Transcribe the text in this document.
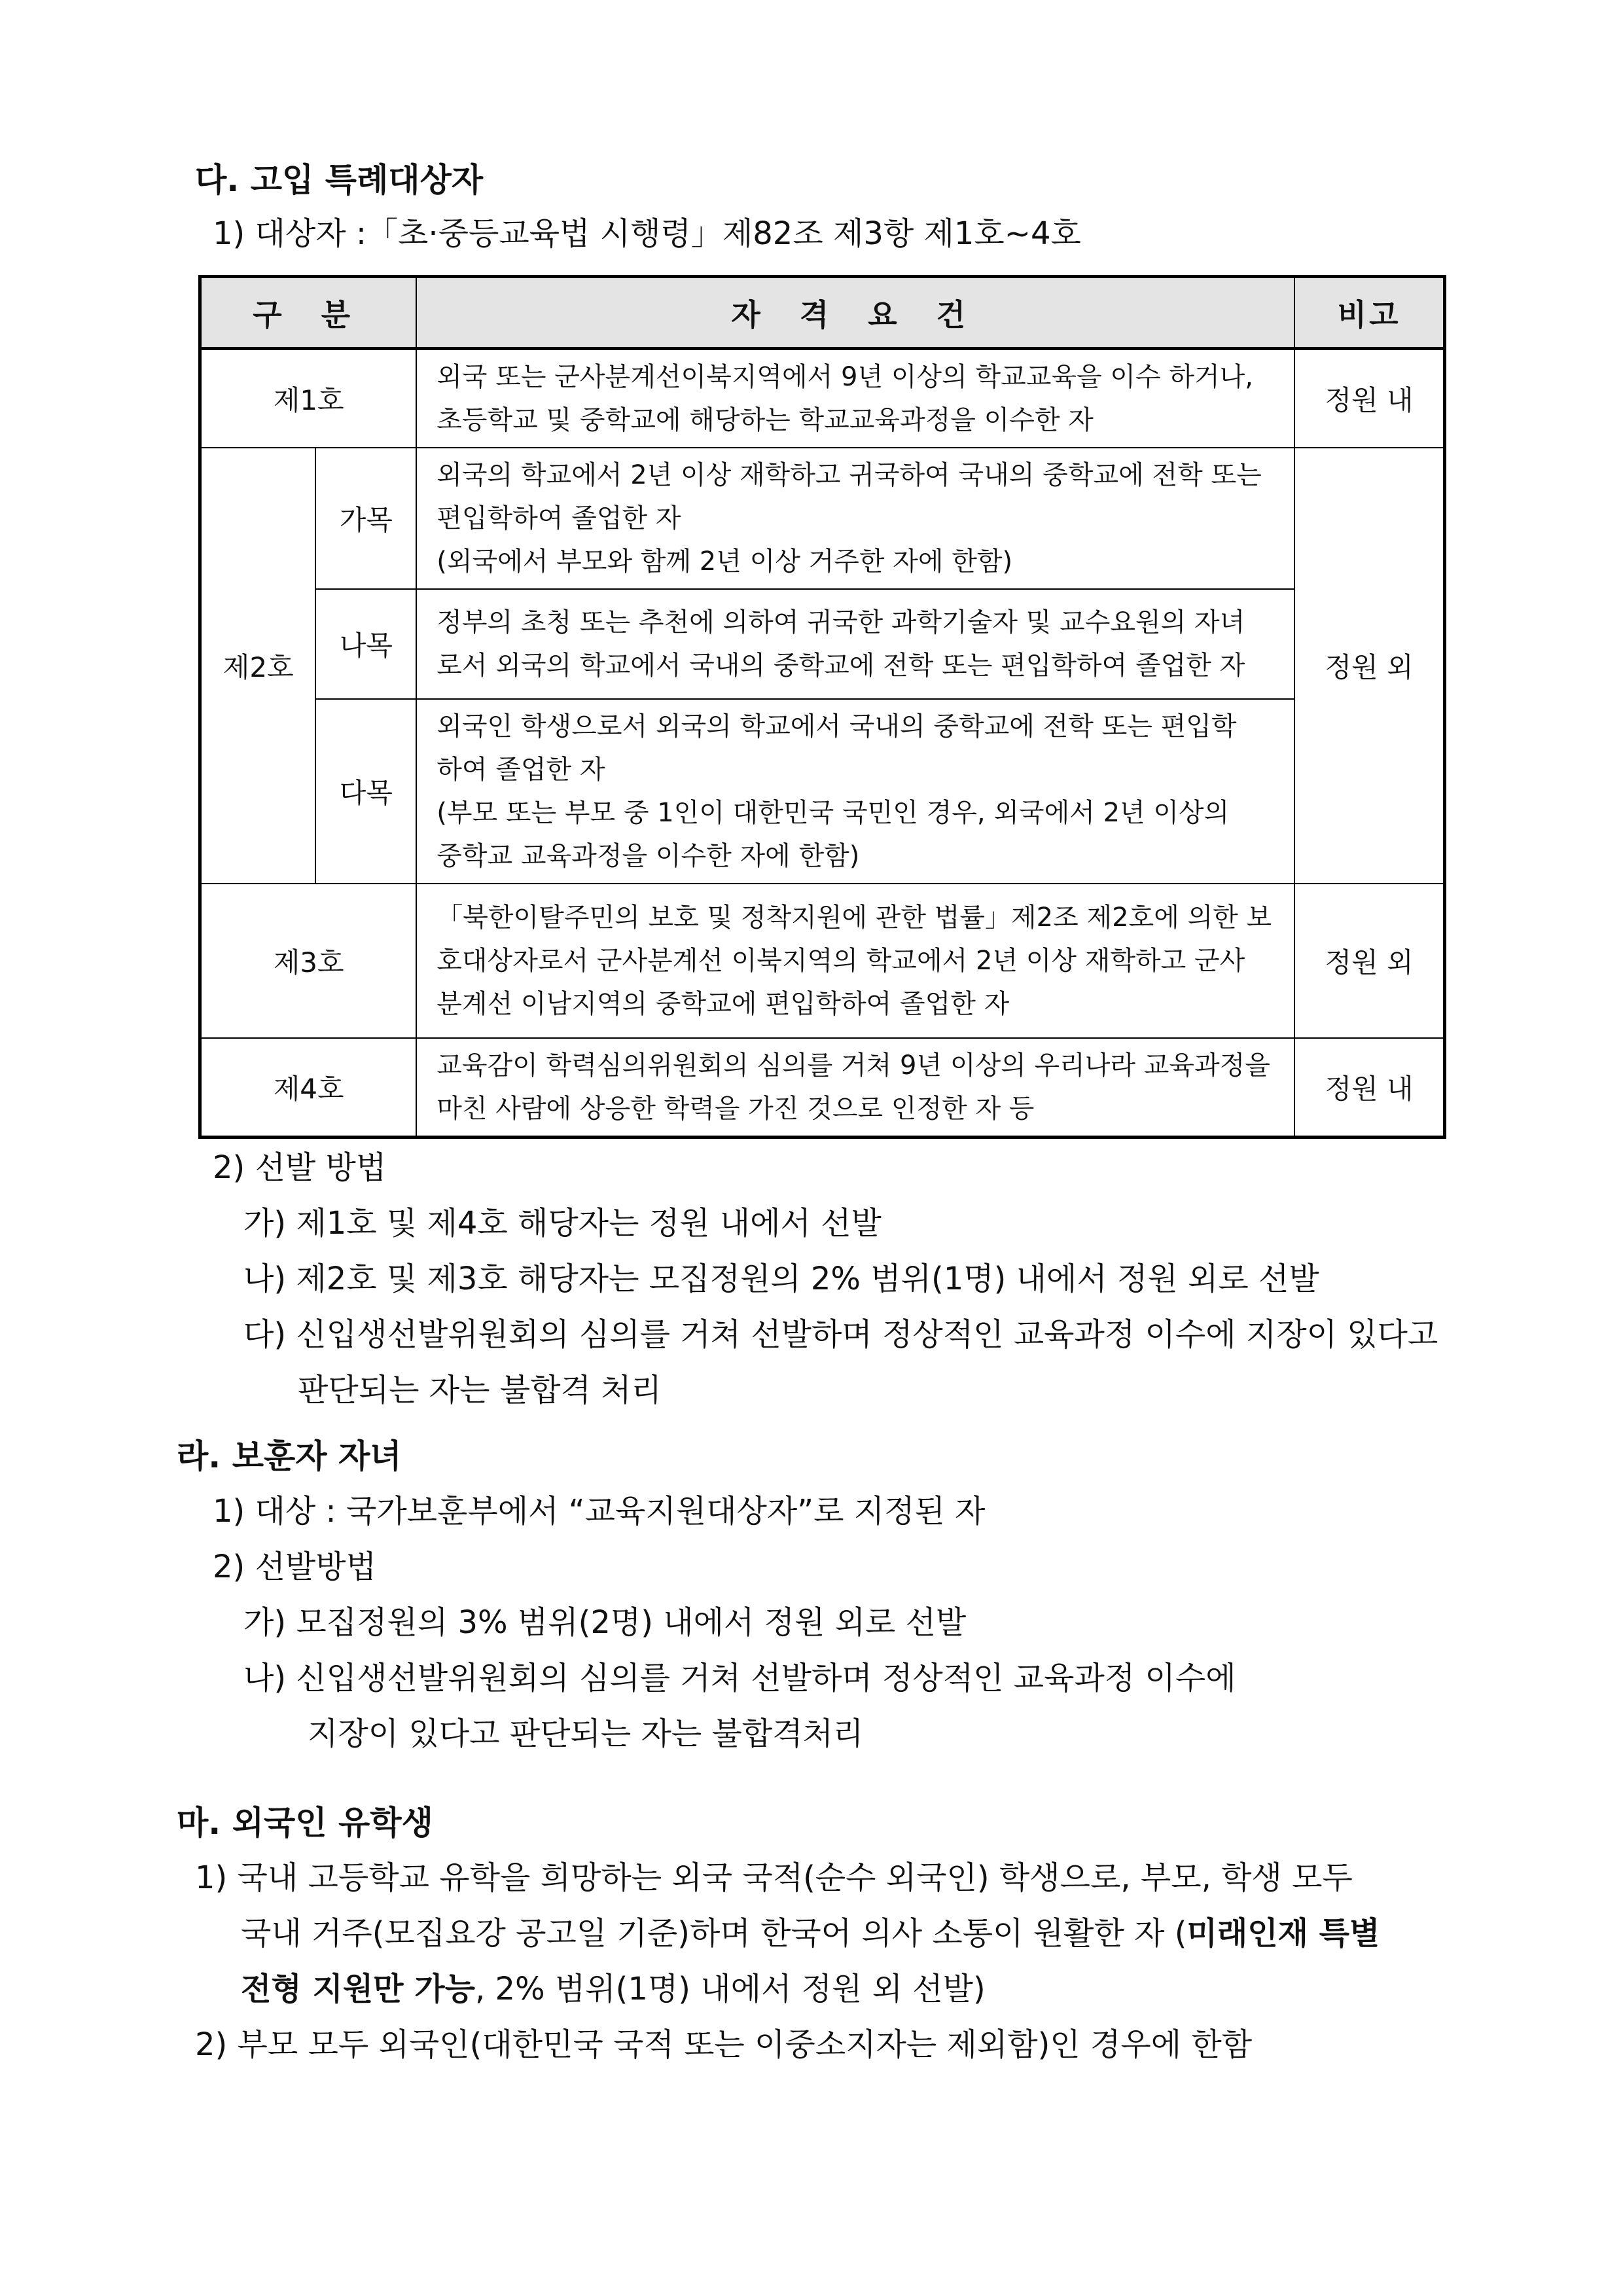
다. 고입 특례대상자
1) 대상자 :「초·중등교육법 시행령」제82조 제3항 제1호~4호
구 분		자 격 요 건	비고
제1호		외국 또는 군사분계선이북지역에서 9년 이상의 학교교육을 이수 하거나,
초등학교 및 중학교에 해당하는 학교교육과정을 이수한 자	정원 내
제2호	가목	외국의 학교에서 2년 이상 재학하고 귀국하여 국내의 중학교에 전학 또는
편입학하여 졸업한 자
(외국에서 부모와 함께 2년 이상 거주한 자에 한함)	정원 외
	나목	정부의 초청 또는 추천에 의하여 귀국한 과학기술자 및 교수요원의 자녀
로서 외국의 학교에서 국내의 중학교에 전학 또는 편입학하여 졸업한 자	

	다목	외국인 학생으로서 외국의 학교에서 국내의 중학교에 전학 또는 편입학
하여 졸업한 자
(부모 또는 부모 중 1인이 대한민국 국민인 경우, 외국에서 2년 이상의
중학교 교육과정을 이수한 자에 한함)	

제3호		「북한이탈주민의 보호 및 정착지원에 관한 법률」제2조 제2호에 의한 보
호대상자로서 군사분계선 이북지역의 학교에서 2년 이상 재학하고 군사
분계선 이남지역의 중학교에 편입학하여 졸업한 자	정원 외
제4호		교육감이 학력심의위원회의 심의를 거쳐 9년 이상의 우리나라 교육과정을
마친 사람에 상응한 학력을 가진 것으로 인정한 자 등	정원 내
2) 선발 방법
가) 제1호 및 제4호 해당자는 정원 내에서 선발
나) 제2호 및 제3호 해당자는 모집정원의 2% 범위(1명) 내에서 정원 외로 선발
다) 신입생선발위원회의 심의를 거쳐 선발하며 정상적인 교육과정 이수에 지장이 있다고
판단되는 자는 불합격 처리
라. 보훈자 자녀
1) 대상 : 국가보훈부에서 “교육지원대상자”로 지정된 자
2) 선발방법
가) 모집정원의 3% 범위(2명) 내에서 정원 외로 선발
나) 신입생선발위원회의 심의를 거쳐 선발하며 정상적인 교육과정 이수에
지장이 있다고 판단되는 자는 불합격처리
마. 외국인 유학생
1) 국내 고등학교 유학을 희망하는 외국 국적(순수 외국인) 학생으로, 부모, 학생 모두
국내 거주(모집요강 공고일 기준)하며 한국어 의사 소통이 원활한 자 (미래인재 특별
전형 지원만 가능, 2% 범위(1명) 내에서 정원 외 선발)
2) 부모 모두 외국인(대한민국 국적 또는 이중소지자는 제외함)인 경우에 한함
